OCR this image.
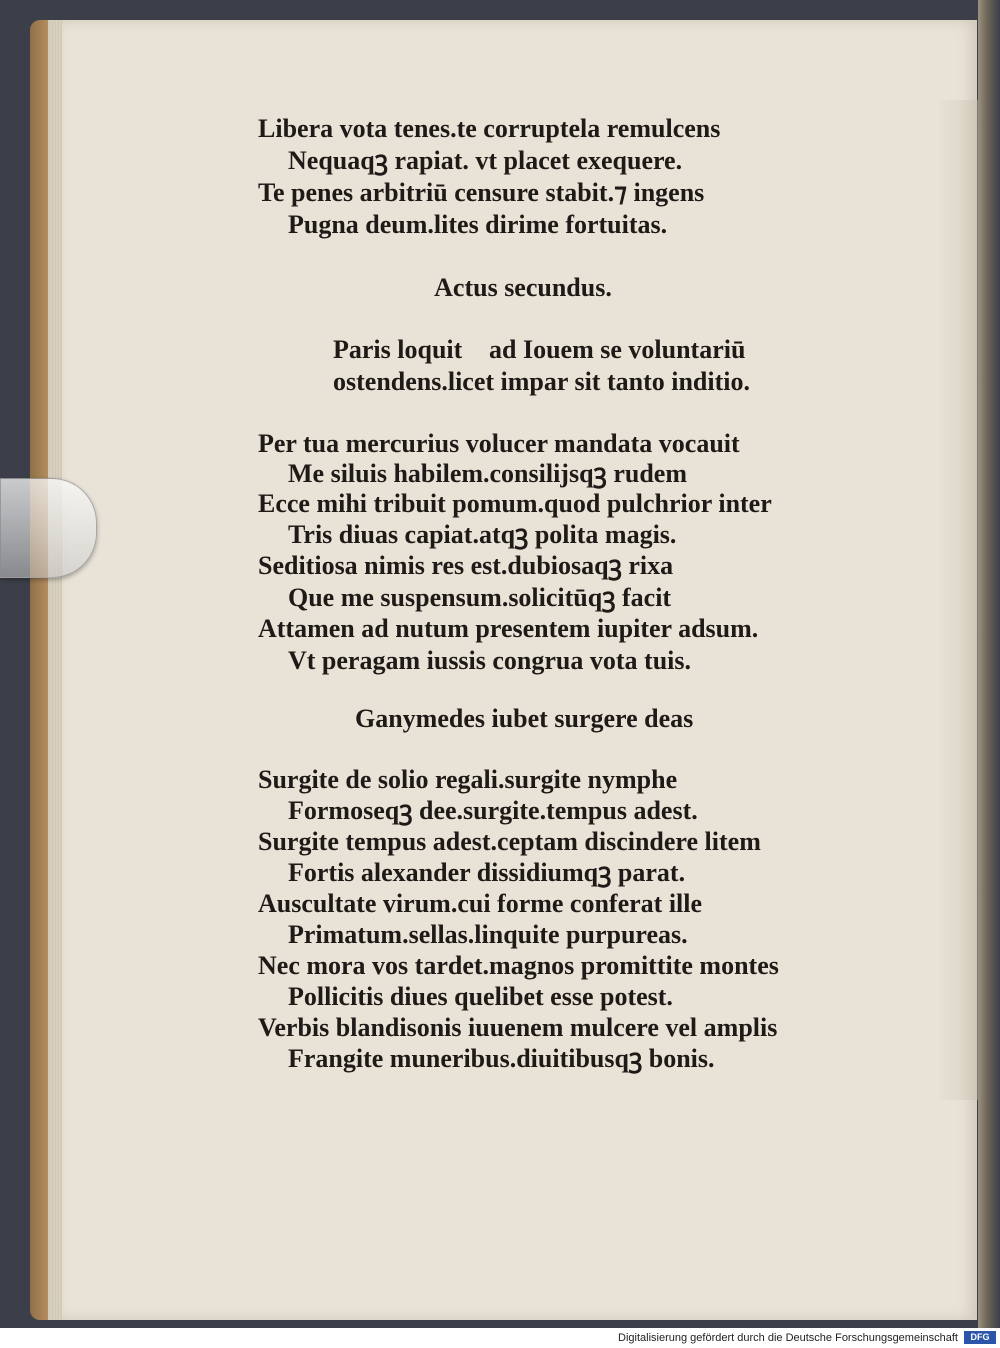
Libera vota tenes.te corruptela remulcens

Nequaqꝫ rapiat. vt placet exequere.

Te penes arbitriū censure stabit.⁊ ingens

Pugna deum.lites dirime fortuitas.

Actus secundus.

Paris loquit᷑ ad Iouem se voluntariū

ostendens.licet impar sit tanto inditio.

Per tua mercurius volucer mandata vocauit

Me siluis habilem.consilijsqꝫ rudem

Ecce mihi tribuit pomum.quod pulchrior inter

Tris diuas capiat.atqꝫ polita magis.

Seditiosa nimis res est.dubiosaqꝫ rixa

Que me suspensum.solicitūqꝫ facit

Attamen ad nutum presentem iupiter adsum.

Vt peragam iussis congrua vota tuis.

Ganymedes iubet surgere deas

Surgite de solio regali.surgite nymphe

Formoseqꝫ dee.surgite.tempus adest.

Surgite tempus adest.ceptam discindere litem

Fortis alexander dissidiumqꝫ parat.

Auscultate virum.cui forme conferat ille

Primatum.sellas.linquite purpureas.

Nec mora vos tardet.magnos promittite montes

Pollicitis diues quelibet esse potest.

Verbis blandisonis iuuenem mulcere vel amplis

Frangite muneribus.diuitibusqꝫ bonis.

Digitalisierung gefördert durch die Deutsche Forschungsgemeinschaft	DFG
